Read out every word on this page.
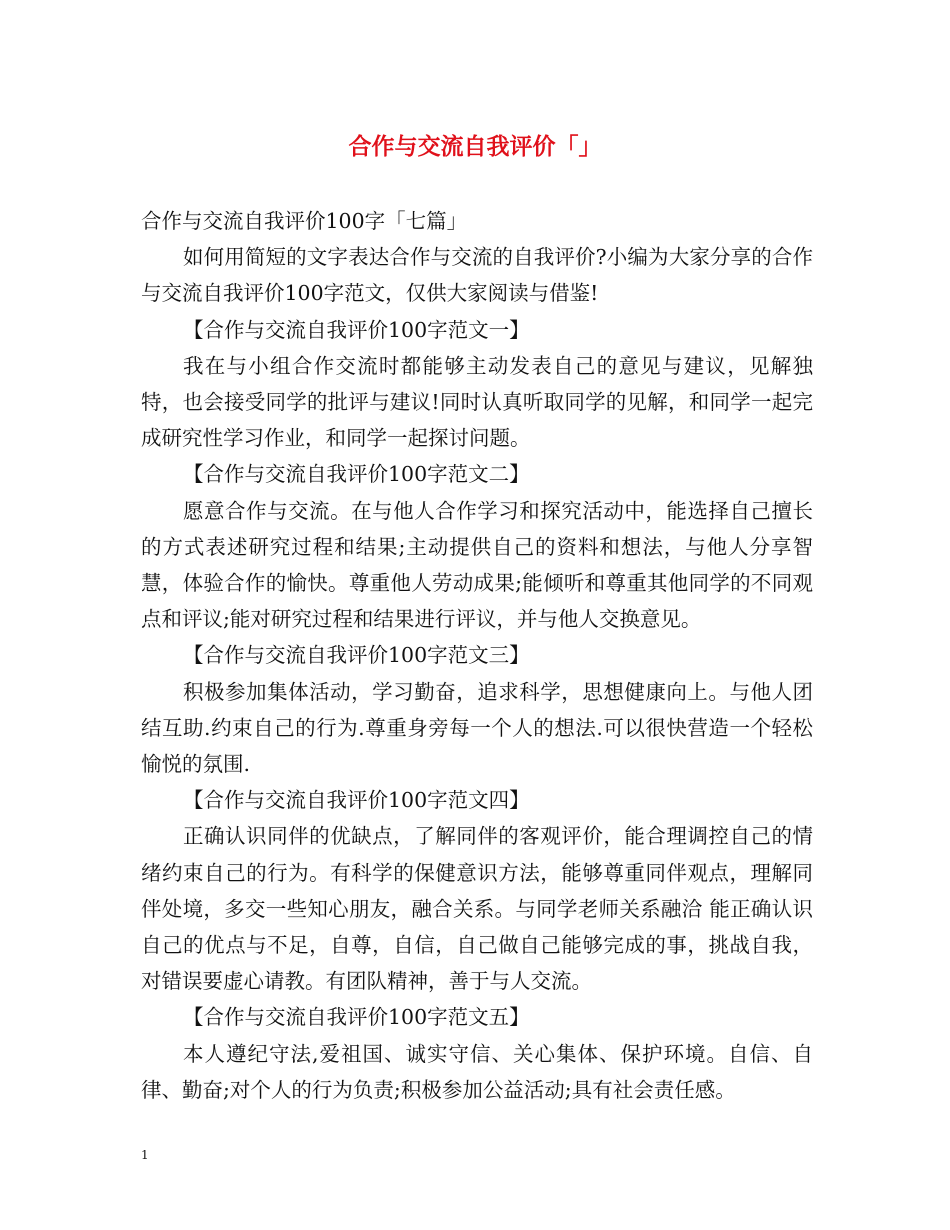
合作与交流自我评价「」

合作与交流自我评价100字「七篇」

如何用简短的文字表达合作与交流的自我评价?小编为大家分享的合作与交流自我评价100字范文，仅供大家阅读与借鉴!

【合作与交流自我评价100字范文一】

我在与小组合作交流时都能够主动发表自己的意见与建议，见解独特，也会接受同学的批评与建议!同时认真听取同学的见解，和同学一起完成研究性学习作业，和同学一起探讨问题。

【合作与交流自我评价100字范文二】

愿意合作与交流。在与他人合作学习和探究活动中，能选择自己擅长的方式表述研究过程和结果;主动提供自己的资料和想法，与他人分享智慧，体验合作的愉快。尊重他人劳动成果;能倾听和尊重其他同学的不同观点和评议;能对研究过程和结果进行评议，并与他人交换意见。

【合作与交流自我评价100字范文三】

积极参加集体活动，学习勤奋，追求科学，思想健康向上。与他人团结互助.约束自己的行为.尊重身旁每一个人的想法.可以很快营造一个轻松愉悦的氛围.

【合作与交流自我评价100字范文四】

正确认识同伴的优缺点，了解同伴的客观评价，能合理调控自己的情绪约束自己的行为。有科学的保健意识方法，能够尊重同伴观点，理解同伴处境，多交一些知心朋友，融合关系。与同学老师关系融洽 能正确认识自己的优点与不足，自尊，自信，自己做自己能够完成的事，挑战自我，对错误要虚心请教。有团队精神，善于与人交流。

【合作与交流自我评价100字范文五】

本人遵纪守法,爱祖国、诚实守信、关心集体、保护环境。自信、自律、勤奋;对个人的行为负责;积极参加公益活动;具有社会责任感。

1
